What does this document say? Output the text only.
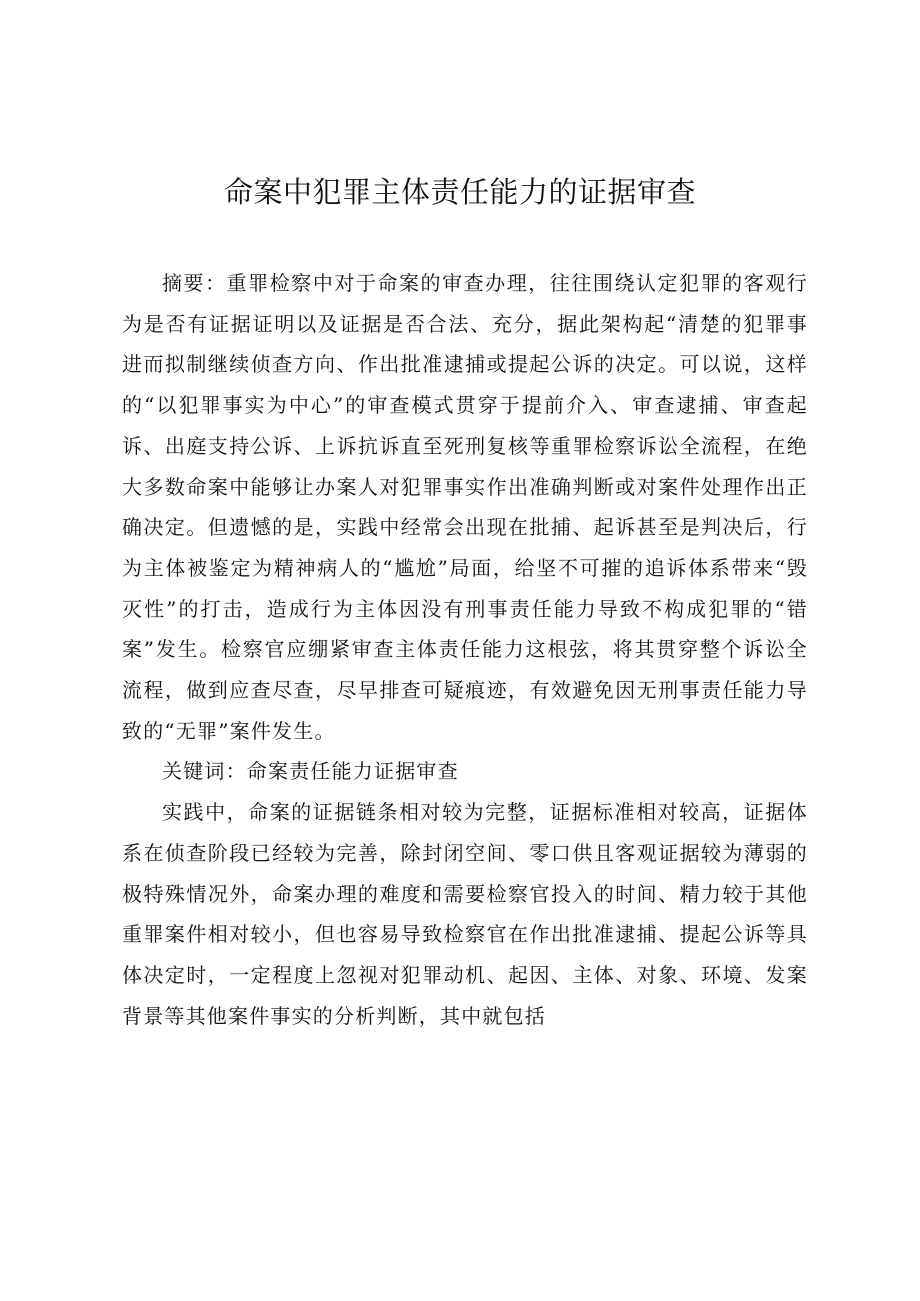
命案中犯罪主体责任能力的证据审查

摘要：重罪检察中对于命案的审查办理，往往围绕认定犯罪的客观行为是否有证据证明以及证据是否合法、充分，据此架构起“清楚的犯罪事进而拟制继续侦查方向、作出批准逮捕或提起公诉的决定。可以说，这样的“以犯罪事实为中心”的审查模式贯穿于提前介入、审查逮捕、审查起诉、出庭支持公诉、上诉抗诉直至死刑复核等重罪检察诉讼全流程，在绝大多数命案中能够让办案人对犯罪事实作出准确判断或对案件处理作出正确决定。但遗憾的是，实践中经常会出现在批捕、起诉甚至是判决后，行为主体被鉴定为精神病人的“尴尬”局面，给坚不可摧的追诉体系带来“毁灭性”的打击，造成行为主体因没有刑事责任能力导致不构成犯罪的“错案”发生。检察官应绷紧审查主体责任能力这根弦，将其贯穿整个诉讼全流程，做到应查尽查，尽早排查可疑痕迹，有效避免因无刑事责任能力导致的“无罪”案件发生。

关键词：命案责任能力证据审查

实践中，命案的证据链条相对较为完整，证据标准相对较高，证据体系在侦查阶段已经较为完善，除封闭空间、零口供且客观证据较为薄弱的极特殊情况外，命案办理的难度和需要检察官投入的时间、精力较于其他重罪案件相对较小，但也容易导致检察官在作出批准逮捕、提起公诉等具体决定时，一定程度上忽视对犯罪动机、起因、主体、对象、环境、发案背景等其他案件事实的分析判断，其中就包括
